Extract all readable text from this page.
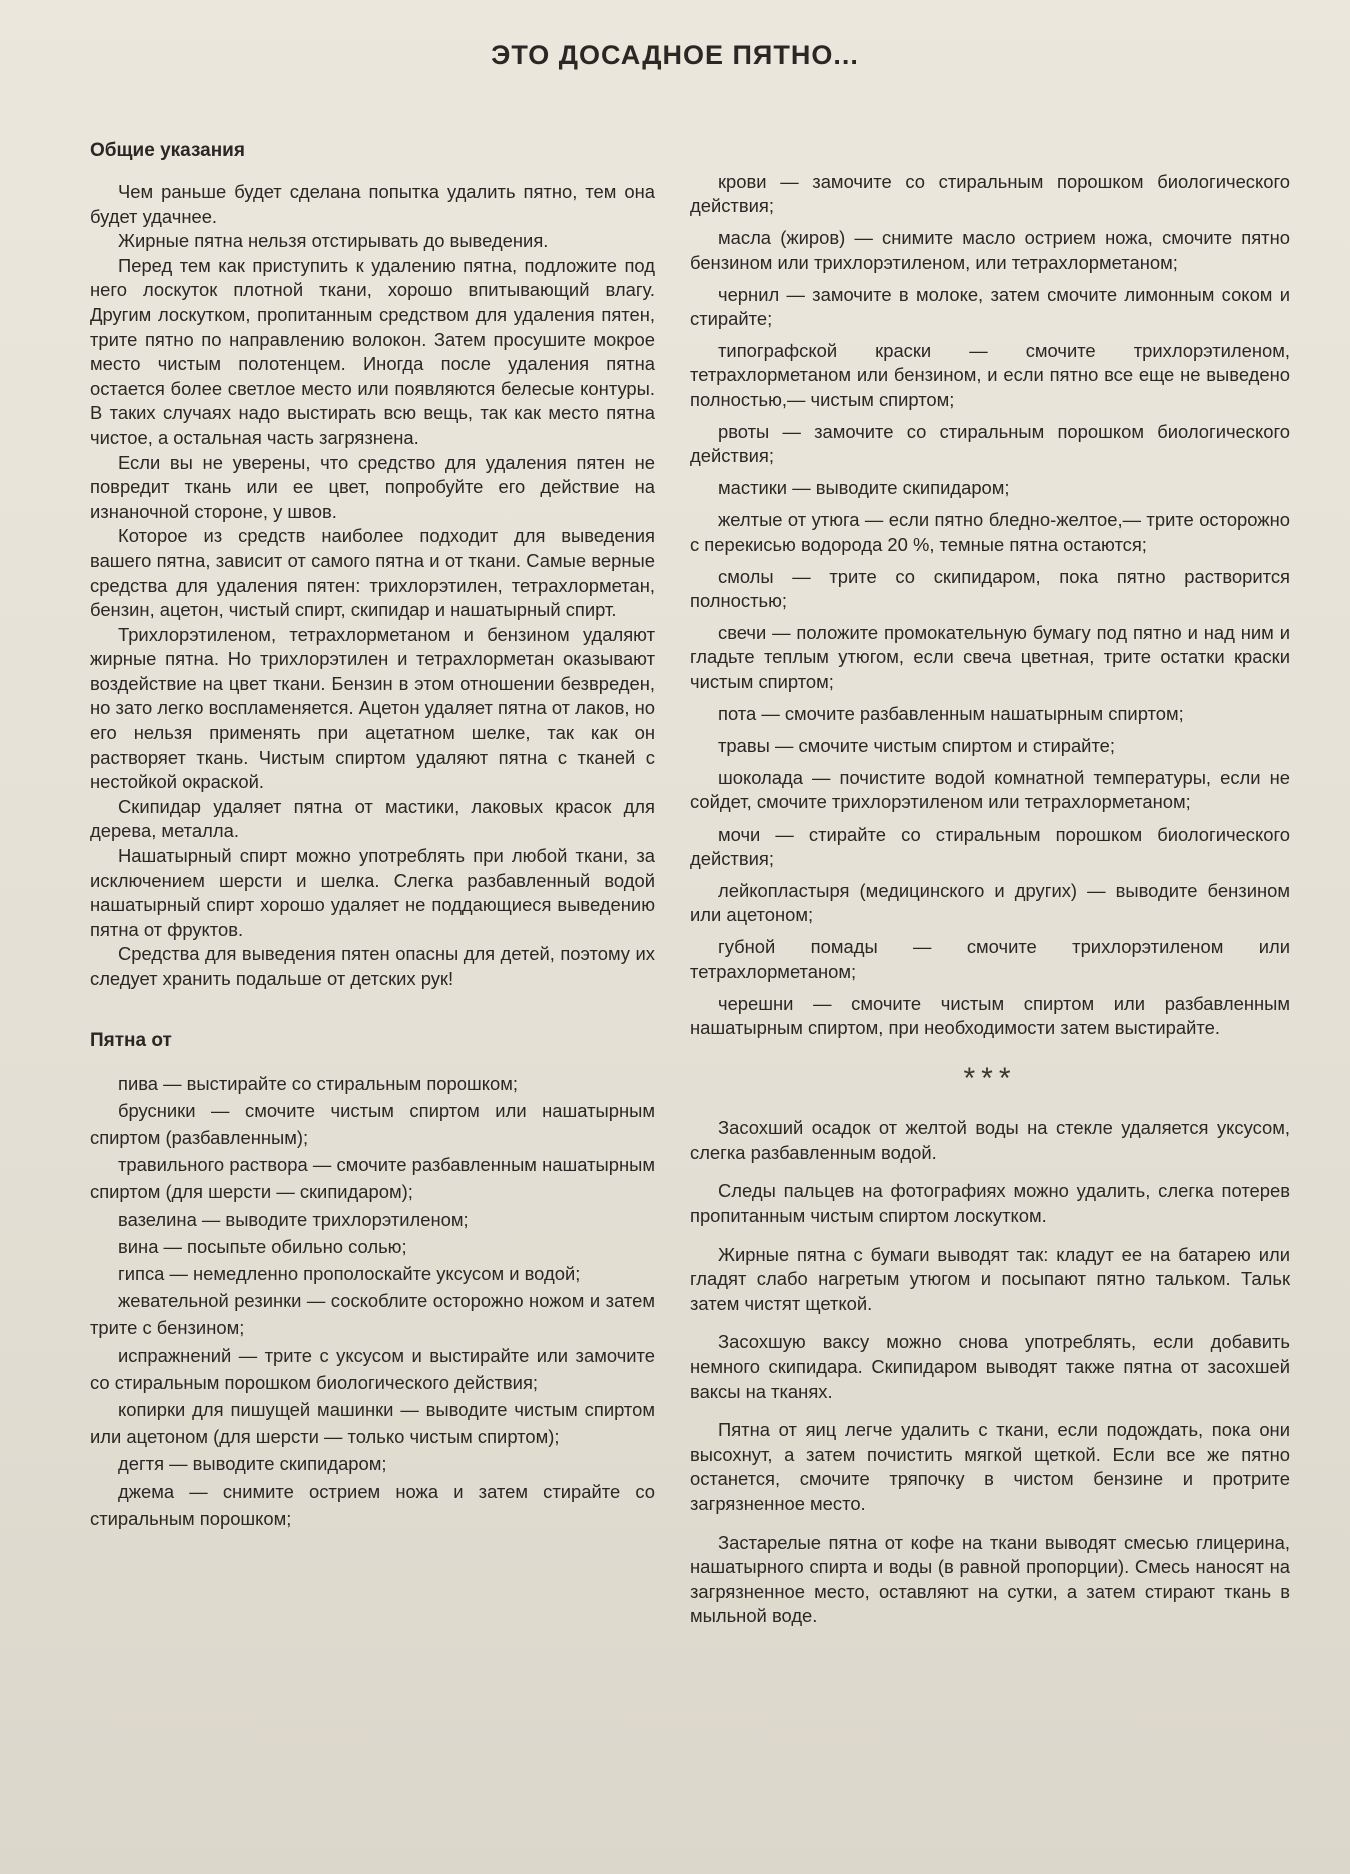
ЭТО ДОСАДНОЕ ПЯТНО...
Общие указания

Чем раньше будет сделана попытка удалить пятно, тем она будет удачнее.

Жирные пятна нельзя отстирывать до выведения.

Перед тем как приступить к удалению пятна, подложите под него лоскуток плотной ткани, хорошо впитывающий влагу. Другим лоскутком, пропитанным средством для удаления пятен, трите пятно по направлению волокон. Затем просушите мокрое место чистым полотенцем. Иногда после удаления пятна остается более светлое место или появляются белесые контуры. В таких случаях надо выстирать всю вещь, так как место пятна чистое, а остальная часть загрязнена.

Если вы не уверены, что средство для удаления пятен не повредит ткань или ее цвет, попробуйте его действие на изнаночной стороне, у швов.

Которое из средств наиболее подходит для выведения вашего пятна, зависит от самого пятна и от ткани. Самые верные средства для удаления пятен: трихлорэтилен, тетрахлорметан, бензин, ацетон, чистый спирт, скипидар и нашатырный спирт.

Трихлорэтиленом, тетрахлорметаном и бензином удаляют жирные пятна. Но трихлорэтилен и тетрахлорметан оказывают воздействие на цвет ткани. Бензин в этом отношении безвреден, но зато легко воспламеняется. Ацетон удаляет пятна от лаков, но его нельзя применять при ацетатном шелке, так как он растворяет ткань. Чистым спиртом удаляют пятна с тканей с нестойкой окраской.

Скипидар удаляет пятна от мастики, лаковых красок для дерева, металла.

Нашатырный спирт можно употреблять при любой ткани, за исключением шерсти и шелка. Слегка разбавленный водой нашатырный спирт хорошо удаляет не поддающиеся выведению пятна от фруктов.

Средства для выведения пятен опасны для детей, поэтому их следует хранить подальше от детских рук!

Пятна от

пива — выстирайте со стиральным порошком;

брусники — смочите чистым спиртом или нашатырным спиртом (разбавленным);

травильного раствора — смочите разбавленным нашатырным спиртом (для шерсти — скипидаром);

вазелина — выводите трихлорэтиленом;

вина — посыпьте обильно солью;

гипса — немедленно прополоскайте уксусом и водой;

жевательной резинки — соскоблите осторожно ножом и затем трите с бензином;

испражнений — трите с уксусом и выстирайте или замочите со стиральным порошком биологического действия;

копирки для пишущей машинки — выводите чистым спиртом или ацетоном (для шерсти — только чистым спиртом);

дегтя — выводите скипидаром;

джема — снимите острием ножа и затем стирайте со стиральным порошком;

крови — замочите со стиральным порошком биологического действия;

масла (жиров) — снимите масло острием ножа, смочите пятно бензином или трихлорэтиленом, или тетрахлорметаном;

чернил — замочите в молоке, затем смочите лимонным соком и стирайте;

типографской краски — смочите трихлорэтиленом, тетрахлорметаном или бензином, и если пятно все еще не выведено полностью,— чистым спиртом;

рвоты — замочите со стиральным порошком биологического действия;

мастики — выводите скипидаром;

желтые от утюга — если пятно бледно-желтое,— трите осторожно с перекисью водорода 20 %, темные пятна остаются;

смолы — трите со скипидаром, пока пятно растворится полностью;

свечи — положите промокательную бумагу под пятно и над ним и гладьте теплым утюгом, если свеча цветная, трите остатки краски чистым спиртом;

пота — смочите разбавленным нашатырным спиртом;

травы — смочите чистым спиртом и стирайте;

шоколада — почистите водой комнатной температуры, если не сойдет, смочите трихлорэтиленом или тетрахлорметаном;

мочи — стирайте со стиральным порошком биологического действия;

лейкопластыря (медицинского и других) — выводите бензином или ацетоном;

губной помады — смочите трихлорэтиленом или тетрахлорметаном;

черешни — смочите чистым спиртом или разбавленным нашатырным спиртом, при необходимости затем выстирайте.

***

Засохший осадок от желтой воды на стекле удаляется уксусом, слегка разбавленным водой.

Следы пальцев на фотографиях можно удалить, слегка потерев пропитанным чистым спиртом лоскутком.

Жирные пятна с бумаги выводят так: кладут ее на батарею или гладят слабо нагретым утюгом и посыпают пятно тальком. Тальк затем чистят щеткой.

Засохшую ваксу можно снова употреблять, если добавить немного скипидара. Скипидаром выводят также пятна от засохшей ваксы на тканях.

Пятна от яиц легче удалить с ткани, если подождать, пока они высохнут, а затем почистить мягкой щеткой. Если все же пятно останется, смочите тряпочку в чистом бензине и протрите загрязненное место.

Застарелые пятна от кофе на ткани выводят смесью глицерина, нашатырного спирта и воды (в равной пропорции). Смесь наносят на загрязненное место, оставляют на сутки, а затем стирают ткань в мыльной воде.
